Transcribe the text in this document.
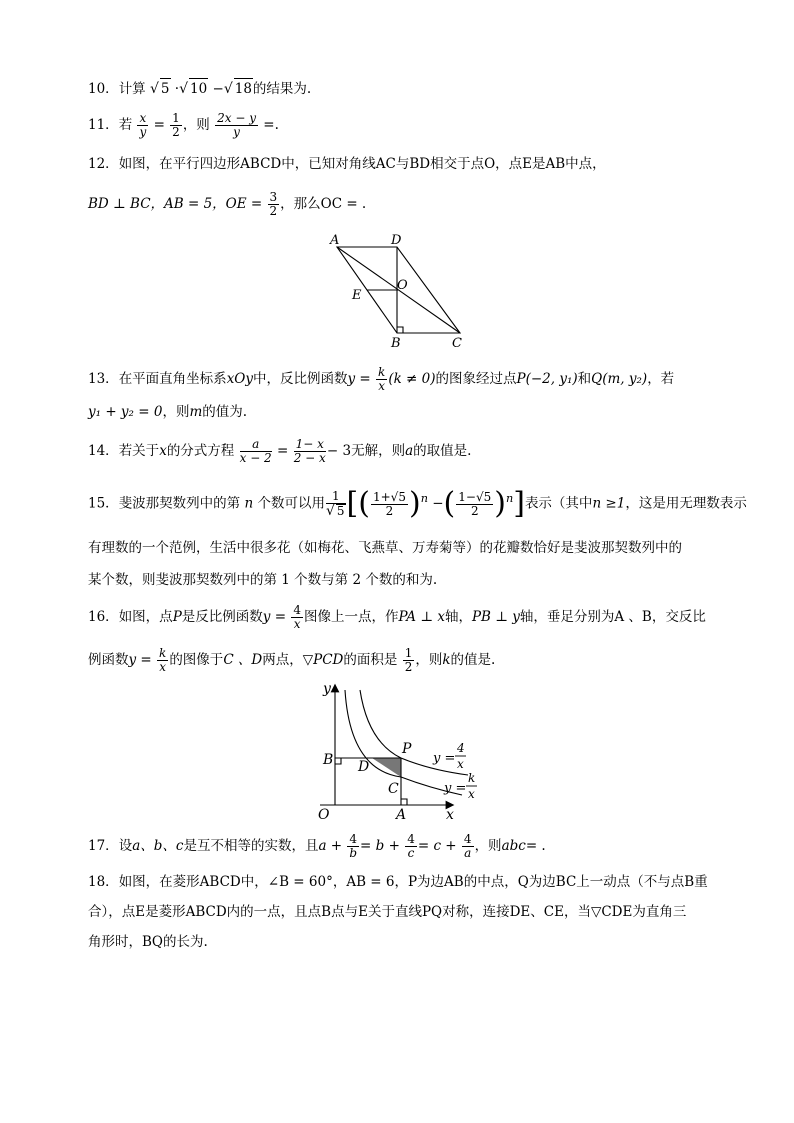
10．计算 √ 5 ·√ 10 −√ 18的结果为.
11．若 $\frac{x}{y} = \frac{1}{2}$ ，则 $\frac{2x - y}{y}$ =.
12．如图，在平行四边形ABCD中，已知对角线AC与BD相交于点O，点E是AB中点，
BD ⊥ BC，AB = 5，OE = $\frac{3}{2}$ ，那么OC = .
A	D
E
O
B	C
13．在平面直角坐标系xOy中，反比例函数$y = \frac{k}{x} (k \ne 0)$的图象经过点P(−2, y₁)和Q(m, y₂)，若
y₁ + y₂ = 0，则m的值为.
14．若关于x的分式方程 $\frac{a}{x - 2} = \frac{1- x}{2 - x} - 3$无解，则a的取值是.
15．斐波那契数列中的第 n 个数可以用 $\frac{1}{√ 5}$ [( $\frac{1+√5}{2} )^n$ −( $\frac{1-√5}{2} )^n$]表示（其中n ≥1，这是用无理数表示
有理数的一个范例，生活中很多花（如梅花、飞燕草、万寿菊等）的花瓣数恰好是斐波那契数列中的
某个数，则斐波那契数列中的第 1 个数与第 2 个数的和为.
16．如图，点P是反比例函数$y = \frac{4}{x}$ 图像上一点，作PA ⊥ x轴，PB ⊥ y轴，垂足分别为A 、B，交反比
例函数$y = \frac{k}{x}$ 的图像于C 、D两点，▽PCD的面积是 $\frac{1}{2}$ ，则k的值是.
y
x
O	A
B
C
D
P
y =
4
x
y =
k
x
17．设a、b、c是互不相等的实数，且$a + \frac{4}{b} = b + \frac{4}{c} = c + \frac{4}{a}$ ，则abc= .
18．如图，在菱形ABCD中，∠B = 60°，AB = 6，P为边AB的中点，Q为边BC上一动点（不与点B重
合），点E是菱形ABCD内的一点，且点B点与E关于直线PQ对称，连接DE、CE，当▽CDE为直角三
角形时，BQ的长为.
